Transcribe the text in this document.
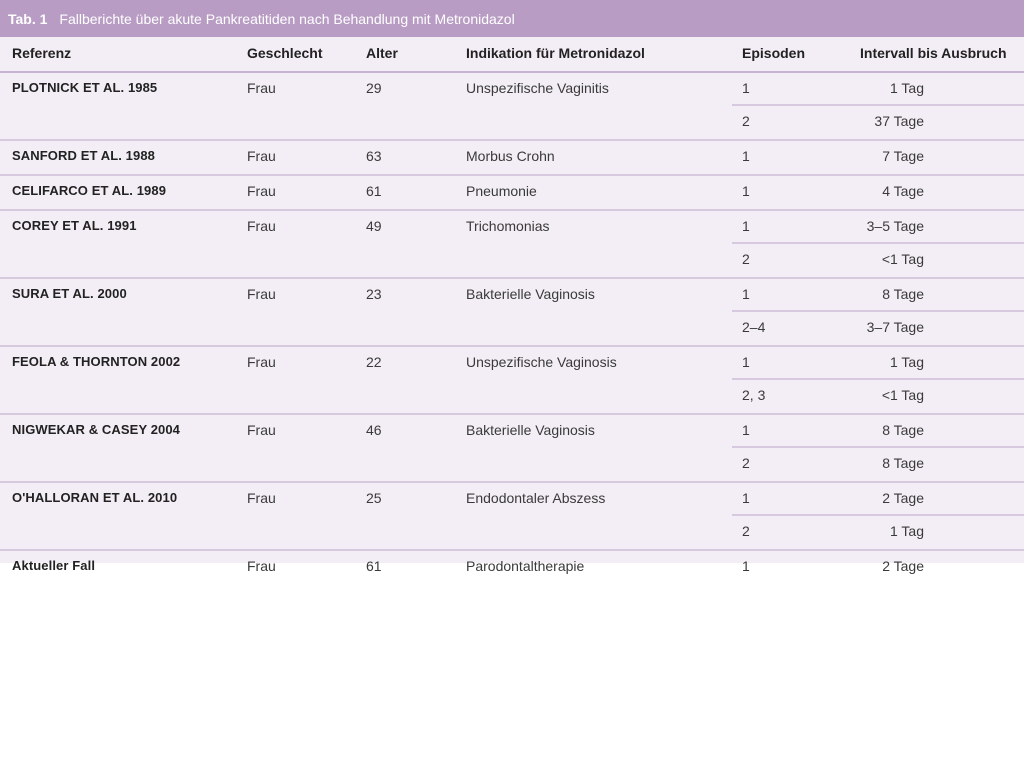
Tab. 1 Fallberichte über akute Pankreatitiden nach Behandlung mit Metronidazol
Referenz	Geschlecht	Alter	Indikation für Metronidazol	Episoden	Intervall bis Ausbruch
PLOTNICK ET AL. 1985	Frau	29	Unspezifische Vaginitis	1	1 Tag
2	37 Tage
SANFORD ET AL. 1988	Frau	63	Morbus Crohn	1	7 Tage
CELIFARCO ET AL. 1989	Frau	61	Pneumonie	1	4 Tage
COREY ET AL. 1991	Frau	49	Trichomonias	1	3–5 Tage
2	<1 Tag
SURA ET AL. 2000	Frau	23	Bakterielle Vaginosis	1	8 Tage
2–4	3–7 Tage
FEOLA & THORNTON 2002	Frau	22	Unspezifische Vaginosis	1	1 Tag
2, 3	<1 Tag
NIGWEKAR & CASEY 2004	Frau	46	Bakterielle Vaginosis	1	8 Tage
2	8 Tage
O'HALLORAN ET AL. 2010	Frau	25	Endodontaler Abszess	1	2 Tage
2	1 Tag
Aktueller Fall	Frau	61	Parodontaltherapie	1	2 Tage
